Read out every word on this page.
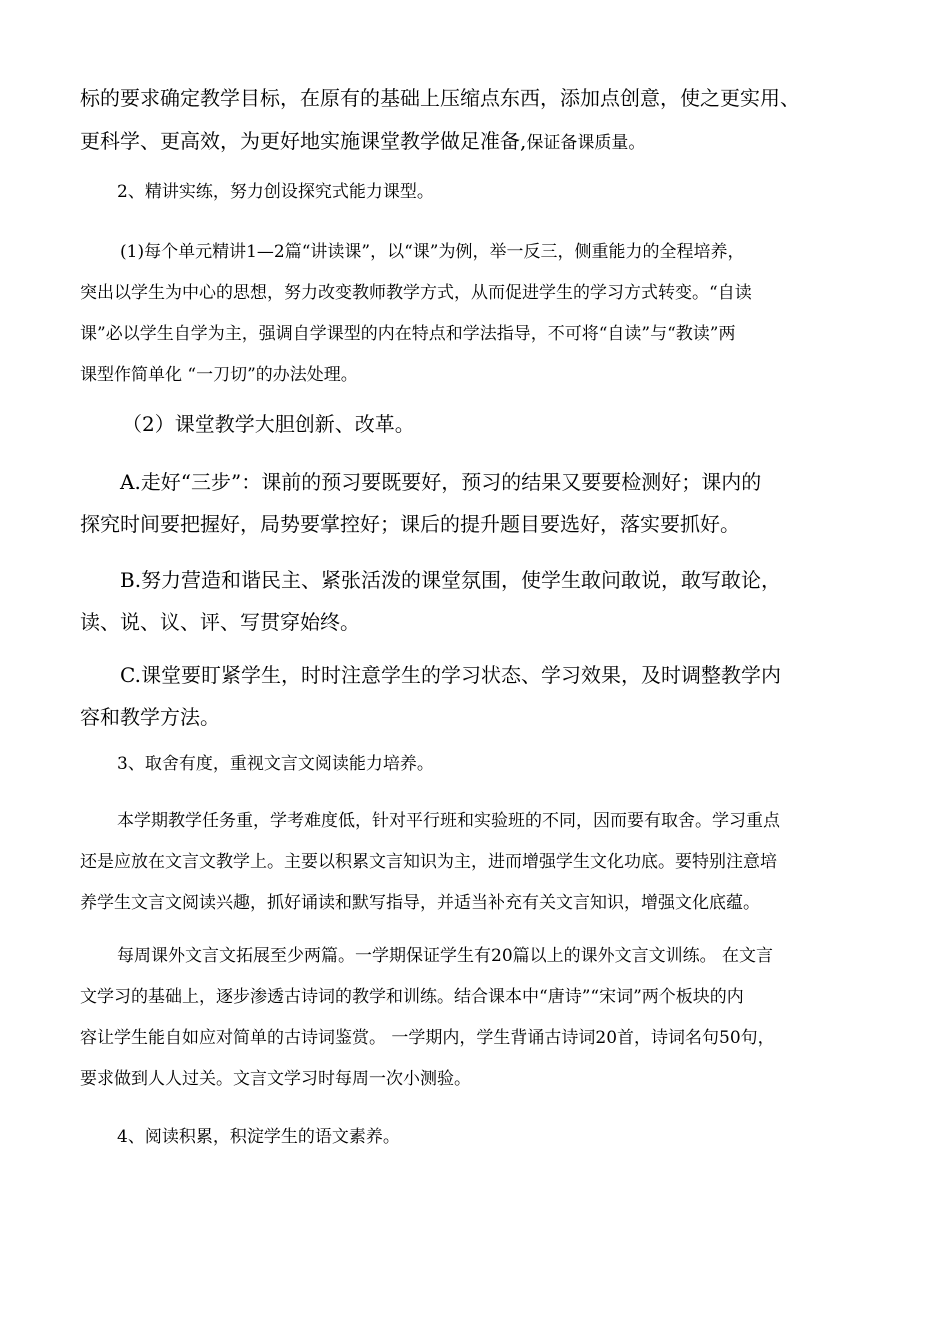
标的要求确定教学目标，在原有的基础上压缩点东西，添加点创意，使之更实用、
更科学、更高效，为更好地实施课堂教学做足准备,保证备课质量。
2、精讲实练，努力创设探究式能力课型。
(1)每个单元精讲1—2篇“讲读课”，以“课”为例，举一反三，侧重能力的全程培养，
突出以学生为中心的思想，努力改变教师教学方式，从而促进学生的学习方式转变。“自读
课”必以学生自学为主，强调自学课型的内在特点和学法指导，不可将“自读”与“教读”两
课型作简单化 “一刀切”的办法处理。
（2）课堂教学大胆创新、改革。
A.走好“三步”：课前的预习要既要好，预习的结果又要要检测好；课内的
探究时间要把握好，局势要掌控好；课后的提升题目要选好，落实要抓好。
B.努力营造和谐民主、紧张活泼的课堂氛围，使学生敢问敢说，敢写敢论，
读、说、议、评、写贯穿始终。
C.课堂要盯紧学生，时时注意学生的学习状态、学习效果，及时调整教学内
容和教学方法。
3、取舍有度，重视文言文阅读能力培养。
本学期教学任务重，学考难度低，针对平行班和实验班的不同，因而要有取舍。学习重点
还是应放在文言文教学上。主要以积累文言知识为主，进而增强学生文化功底。要特别注意培
养学生文言文阅读兴趣，抓好诵读和默写指导，并适当补充有关文言知识，增强文化底蕴。
每周课外文言文拓展至少两篇。一学期保证学生有20篇以上的课外文言文训练。 在文言
文学习的基础上，逐步渗透古诗词的教学和训练。结合课本中“唐诗”“宋词”两个板块的内
容让学生能自如应对简单的古诗词鉴赏。 一学期内，学生背诵古诗词20首，诗词名句50句，
要求做到人人过关。文言文学习时每周一次小测验。
4、阅读积累，积淀学生的语文素养。
